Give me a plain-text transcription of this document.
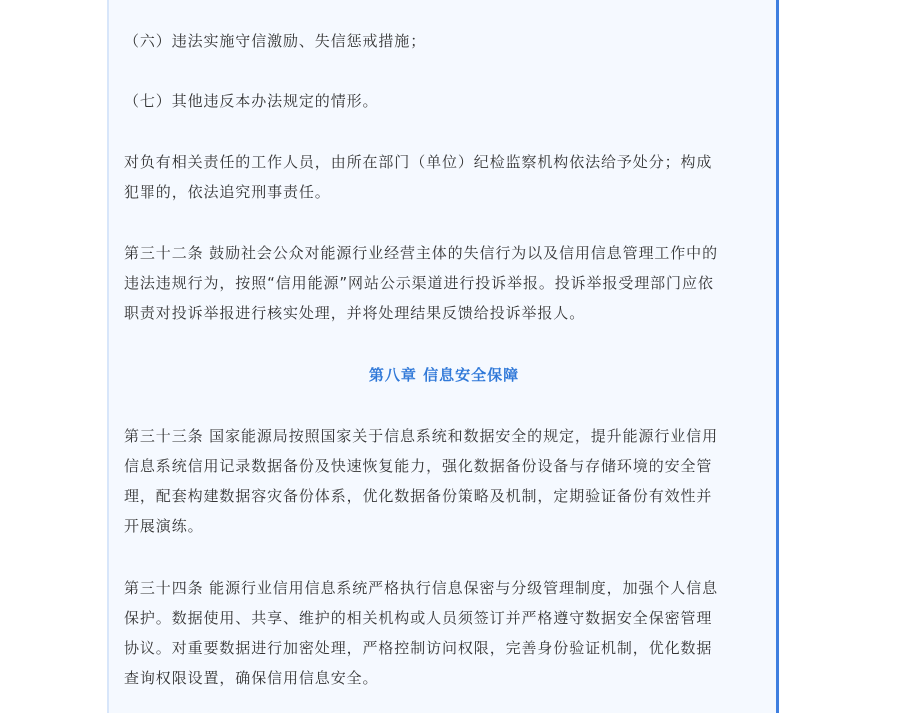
（六）违法实施守信激励、失信惩戒措施；
（七）其他违反本办法规定的情形。
对负有相关责任的工作人员，由所在部门（单位）纪检监察机构依法给予处分；构成
犯罪的，依法追究刑事责任。
第三十二条 鼓励社会公众对能源行业经营主体的失信行为以及信用信息管理工作中的
违法违规行为，按照“信用能源”网站公示渠道进行投诉举报。投诉举报受理部门应依
职责对投诉举报进行核实处理，并将处理结果反馈给投诉举报人。
第八章 信息安全保障
第三十三条 国家能源局按照国家关于信息系统和数据安全的规定，提升能源行业信用
信息系统信用记录数据备份及快速恢复能力，强化数据备份设备与存储环境的安全管
理，配套构建数据容灾备份体系，优化数据备份策略及机制，定期验证备份有效性并
开展演练。
第三十四条 能源行业信用信息系统严格执行信息保密与分级管理制度，加强个人信息
保护。数据使用、共享、维护的相关机构或人员须签订并严格遵守数据安全保密管理
协议。对重要数据进行加密处理，严格控制访问权限，完善身份验证机制，优化数据
查询权限设置，确保信用信息安全。
